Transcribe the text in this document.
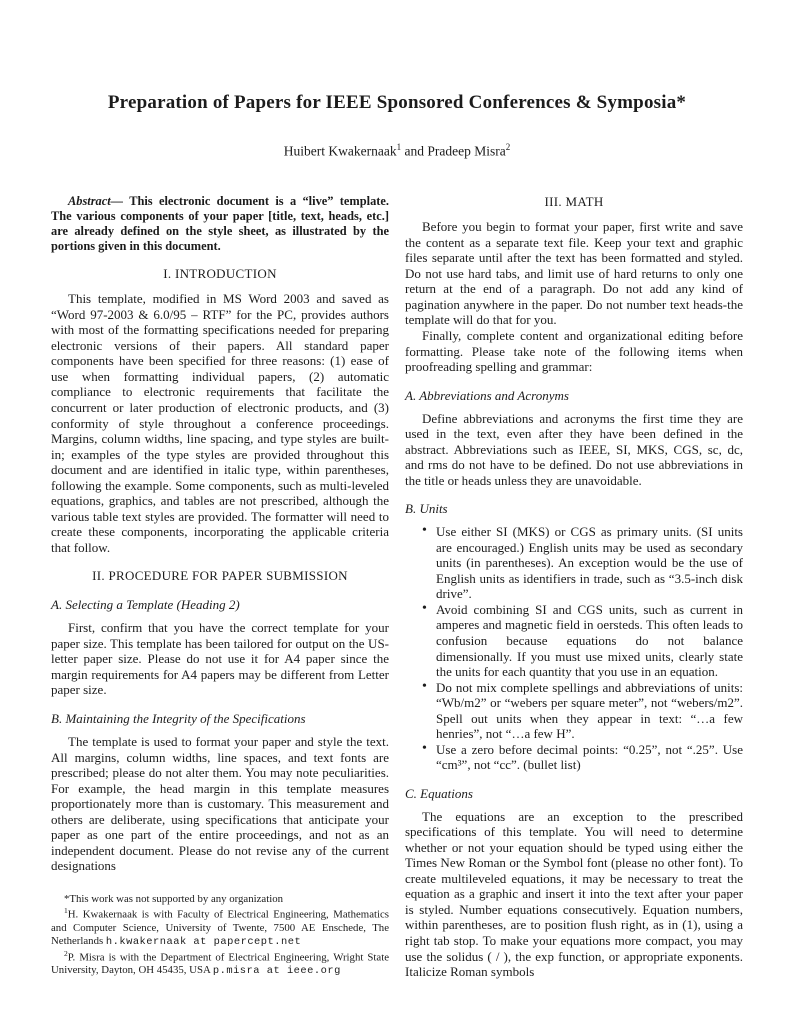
Preparation of Papers for IEEE Sponsored Conferences & Symposia*
Huibert Kwakernaak$^1$ and Pradeep Misra$^2$

Abstract— This electronic document is a “live” template. The various components of your paper [title, text, heads, etc.] are already defined on the style sheet, as illustrated by the portions given in this document.

I. INTRODUCTION

This template, modified in MS Word 2003 and saved as “Word 97-2003 & 6.0/95 – RTF” for the PC, provides authors with most of the formatting specifications needed for preparing electronic versions of their papers. All standard paper components have been specified for three reasons: (1) ease of use when formatting individual papers, (2) automatic compliance to electronic requirements that facilitate the concurrent or later production of electronic products, and (3) conformity of style throughout a conference proceedings. Margins, column widths, line spacing, and type styles are built-in; examples of the type styles are provided throughout this document and are identified in italic type, within parentheses, following the example. Some components, such as multi-leveled equations, graphics, and tables are not prescribed, although the various table text styles are provided. The formatter will need to create these components, incorporating the applicable criteria that follow.

II. PROCEDURE FOR PAPER SUBMISSION
A. Selecting a Template (Heading 2)

First, confirm that you have the correct template for your paper size. This template has been tailored for output on the US-letter paper size. Please do not use it for A4 paper since the margin requirements for A4 papers may be different from Letter paper size.

B. Maintaining the Integrity of the Specifications

The template is used to format your paper and style the text. All margins, column widths, line spaces, and text fonts are prescribed; please do not alter them. You may note peculiarities. For example, the head margin in this template measures proportionately more than is customary. This measurement and others are deliberate, using specifications that anticipate your paper as one part of the entire proceedings, and not as an independent document. Please do not revise any of the current designations

*This work was not supported by any organization

$^1$H. Kwakernaak is with Faculty of Electrical Engineering, Mathematics and Computer Science, University of Twente, 7500 AE Enschede, The Netherlands h.kwakernaak at papercept.net

$^2$P. Misra is with the Department of Electrical Engineering, Wright State University, Dayton, OH 45435, USA p.misra at ieee.org

III. MATH

Before you begin to format your paper, first write and save the content as a separate text file. Keep your text and graphic files separate until after the text has been formatted and styled. Do not use hard tabs, and limit use of hard returns to only one return at the end of a paragraph. Do not add any kind of pagination anywhere in the paper. Do not number text heads-the template will do that for you.

Finally, complete content and organizational editing before formatting. Please take note of the following items when proofreading spelling and grammar:

A. Abbreviations and Acronyms

Define abbreviations and acronyms the first time they are used in the text, even after they have been defined in the abstract. Abbreviations such as IEEE, SI, MKS, CGS, sc, dc, and rms do not have to be defined. Do not use abbreviations in the title or heads unless they are unavoidable.

B. Units
• Use either SI (MKS) or CGS as primary units. (SI units are encouraged.) English units may be used as secondary units (in parentheses). An exception would be the use of English units as identifiers in trade, such as “3.5-inch disk drive”.
• Avoid combining SI and CGS units, such as current in amperes and magnetic field in oersteds. This often leads to confusion because equations do not balance dimensionally. If you must use mixed units, clearly state the units for each quantity that you use in an equation.
• Do not mix complete spellings and abbreviations of units: “Wb/m2” or “webers per square meter”, not “webers/m2”. Spell out units when they appear in text: “…a few henries”, not “…a few H”.
• Use a zero before decimal points: “0.25”, not “.25”. Use “cm³”, not “cc”. (bullet list)
C. Equations

The equations are an exception to the prescribed specifications of this template. You will need to determine whether or not your equation should be typed using either the Times New Roman or the Symbol font (please no other font). To create multileveled equations, it may be necessary to treat the equation as a graphic and insert it into the text after your paper is styled. Number equations consecutively. Equation numbers, within parentheses, are to position flush right, as in (1), using a right tab stop. To make your equations more compact, you may use the solidus ( / ), the exp function, or appropriate exponents. Italicize Roman symbols
